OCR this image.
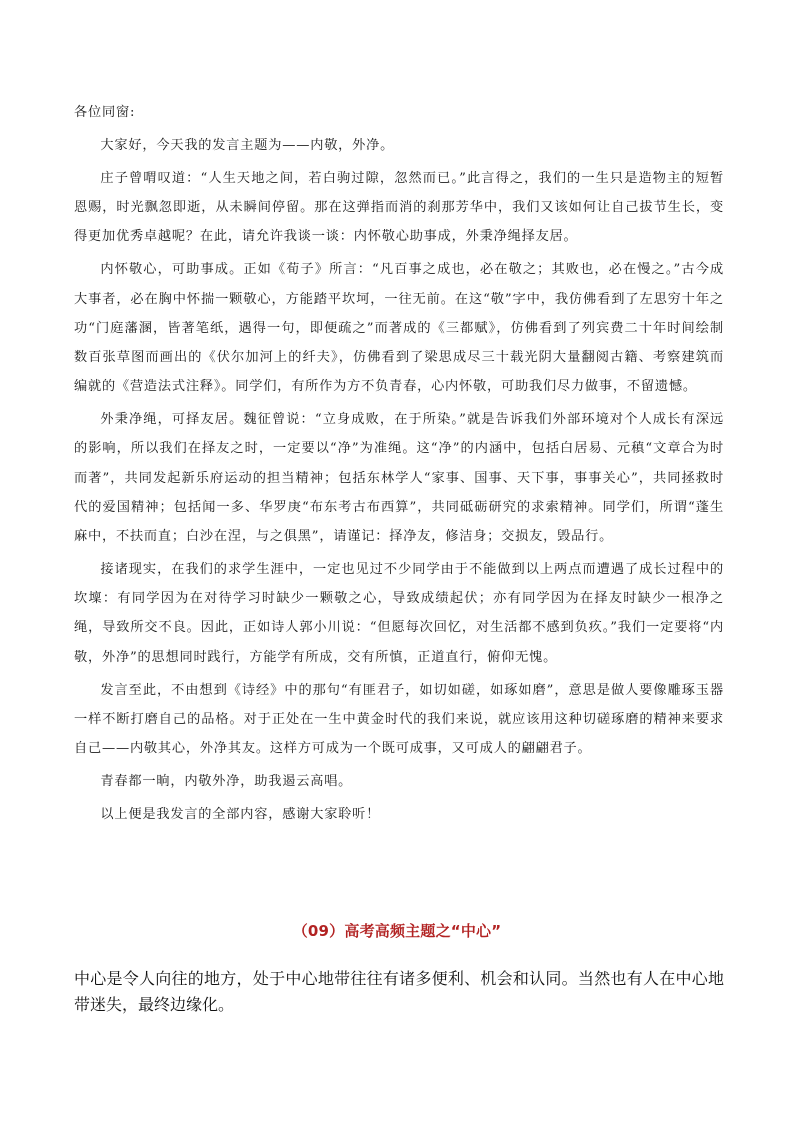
各位同窗:

大家好，今天我的发言主题为——内敬，外净。

庄子曾喟叹道：“人生天地之间，若白驹过隙，忽然而已。”此言得之，我们的一生只是造物主的短暂恩赐，时光飘忽即逝，从未瞬间停留。那在这弹指而消的刹那芳华中，我们又该如何让自己拔节生长，变得更加优秀卓越呢？在此，请允许我谈一谈：内怀敬心助事成，外秉净绳择友居。

内怀敬心，可助事成。正如《荀子》所言：“凡百事之成也，必在敬之；其败也，必在慢之。”古今成大事者，必在胸中怀揣一颗敬心，方能踏平坎坷，一往无前。在这“敬”字中，我仿佛看到了左思穷十年之功“门庭藩溷，皆著笔纸，遇得一句，即便疏之”而著成的《三都赋》，仿佛看到了列宾费二十年时间绘制数百张草图而画出的《伏尔加河上的纤夫》，仿佛看到了梁思成尽三十载光阴大量翻阅古籍、考察建筑而编就的《营造法式注释》。同学们，有所作为方不负青春，心内怀敬，可助我们尽力做事，不留遗憾。

外秉净绳，可择友居。魏征曾说：“立身成败，在于所染。”就是告诉我们外部环境对个人成长有深远的影响，所以我们在择友之时，一定要以“净”为准绳。这“净”的内涵中，包括白居易、元稹“文章合为时而著”，共同发起新乐府运动的担当精神；包括东林学人“家事、国事、天下事，事事关心”，共同拯救时代的爱国精神；包括闻一多、华罗庚“布东考古布西算”，共同砥砺研究的求索精神。同学们，所谓“蓬生麻中，不扶而直；白沙在涅，与之俱黑”，请谨记：择净友，修洁身；交损友，毁品行。

接诸现实，在我们的求学生涯中，一定也见过不少同学由于不能做到以上两点而遭遇了成长过程中的坎壈：有同学因为在对待学习时缺少一颗敬之心，导致成绩起伏；亦有同学因为在择友时缺少一根净之绳，导致所交不良。因此，正如诗人郭小川说：“但愿每次回忆，对生活都不感到负疚。”我们一定要将“内敬，外净”的思想同时践行，方能学有所成，交有所慎，正道直行，俯仰无愧。

发言至此，不由想到《诗经》中的那句“有匪君子，如切如磋，如琢如磨”，意思是做人要像雕琢玉器一样不断打磨自己的品格。对于正处在一生中黄金时代的我们来说，就应该用这种切磋琢磨的精神来要求自己——内敬其心，外净其友。这样方可成为一个既可成事，又可成人的翩翩君子。

青春都一晌，内敬外净，助我遏云高唱。

以上便是我发言的全部内容，感谢大家聆听！

（09）高考高频主题之“中心”
中心是令人向往的地方，处于中心地带往往有诸多便利、机会和认同。当然也有人在中心地带迷失，最终边缘化。
